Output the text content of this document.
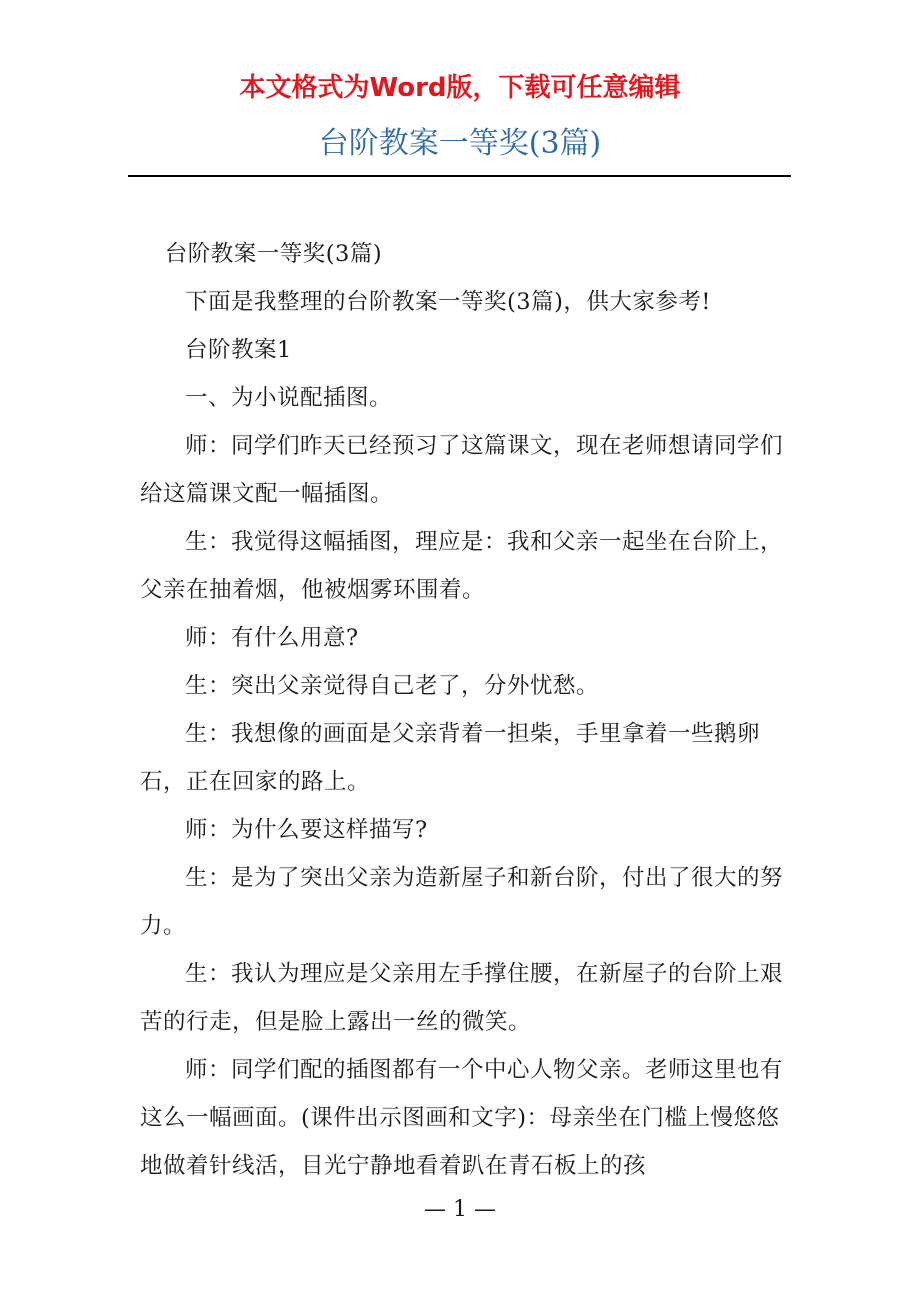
本文格式为Word版，下载可任意编辑
台阶教案一等奖(3篇)

台阶教案一等奖(3篇)

下面是我整理的台阶教案一等奖(3篇)，供大家参考!

台阶教案1

一、为小说配插图。

师：同学们昨天已经预习了这篇课文，现在老师想请同学们给这篇课文配一幅插图。

生：我觉得这幅插图，理应是：我和父亲一起坐在台阶上，父亲在抽着烟，他被烟雾环围着。

师：有什么用意?

生：突出父亲觉得自己老了，分外忧愁。

生：我想像的画面是父亲背着一担柴，手里拿着一些鹅卵石，正在回家的路上。

师：为什么要这样描写?

生：是为了突出父亲为造新屋子和新台阶，付出了很大的努力。

生：我认为理应是父亲用左手撑住腰，在新屋子的台阶上艰苦的行走，但是脸上露出一丝的微笑。

师：同学们配的插图都有一个中心人物父亲。老师这里也有这么一幅画面。(课件出示图画和文字)：母亲坐在门槛上慢悠悠地做着针线活，目光宁静地看着趴在青石板上的孩

— 1 —
